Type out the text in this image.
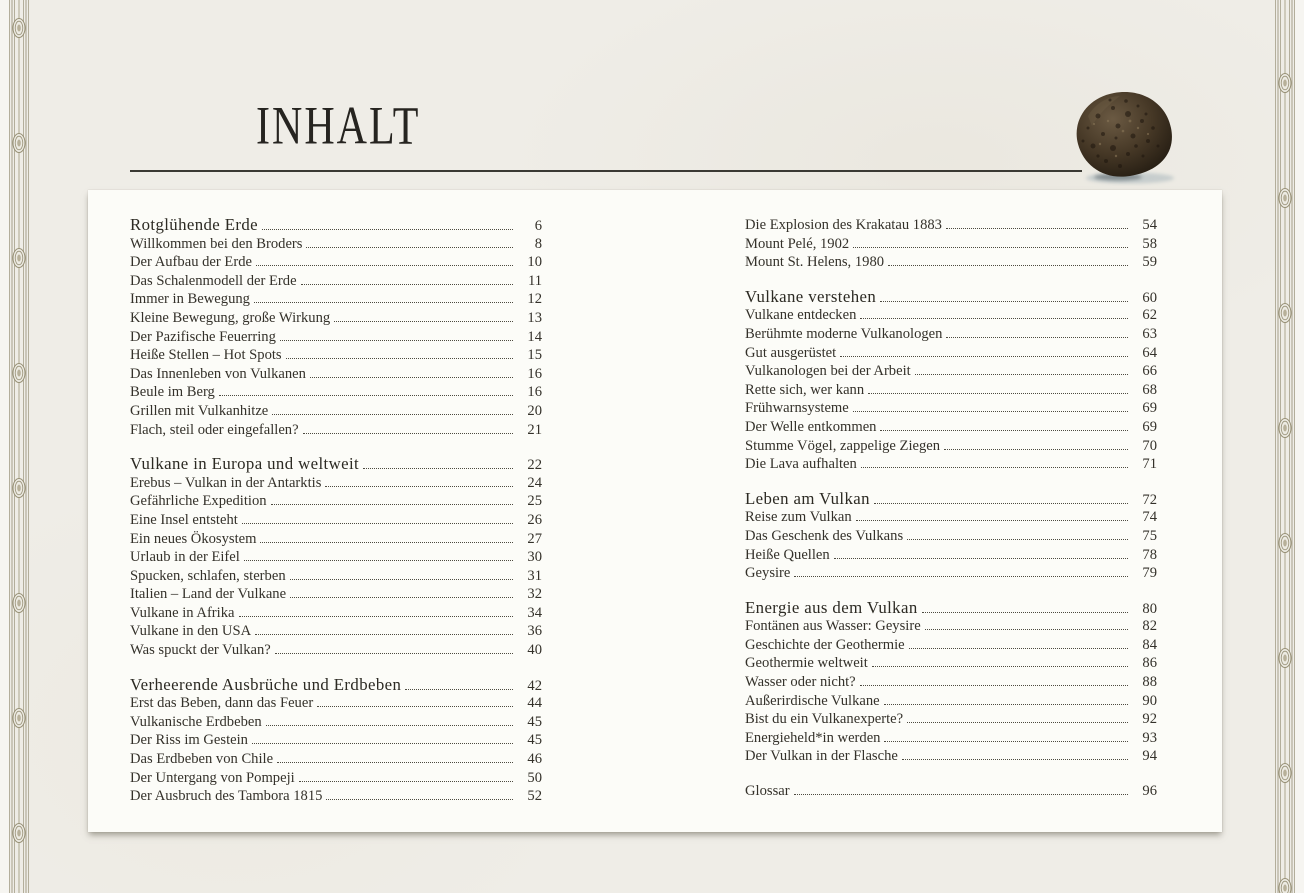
INHALT
Rotglühende Erde	6
Willkommen bei den Broders	8
Der Aufbau der Erde	10
Das Schalenmodell der Erde	11
Immer in Bewegung	12
Kleine Bewegung, große Wirkung	13
Der Pazifische Feuerring	14
Heiße Stellen – Hot Spots	15
Das Innenleben von Vulkanen	16
Beule im Berg	16
Grillen mit Vulkanhitze	20
Flach, steil oder eingefallen?	21
Vulkane in Europa und weltweit	22
Erebus – Vulkan in der Antarktis	24
Gefährliche Expedition	25
Eine Insel entsteht	26
Ein neues Ökosystem	27
Urlaub in der Eifel	30
Spucken, schlafen, sterben	31
Italien – Land der Vulkane	32
Vulkane in Afrika	34
Vulkane in den USA	36
Was spuckt der Vulkan?	40
Verheerende Ausbrüche und Erdbeben	42
Erst das Beben, dann das Feuer	44
Vulkanische Erdbeben	45
Der Riss im Gestein	45
Das Erdbeben von Chile	46
Der Untergang von Pompeji	50
Der Ausbruch des Tambora 1815	52
Die Explosion des Krakatau 1883	54
Mount Pelé, 1902	58
Mount St. Helens, 1980	59
Vulkane verstehen	60
Vulkane entdecken	62
Berühmte moderne Vulkanologen	63
Gut ausgerüstet	64
Vulkanologen bei der Arbeit	66
Rette sich, wer kann	68
Frühwarnsysteme	69
Der Welle entkommen	69
Stumme Vögel, zappelige Ziegen	70
Die Lava aufhalten	71
Leben am Vulkan	72
Reise zum Vulkan	74
Das Geschenk des Vulkans	75
Heiße Quellen	78
Geysire	79
Energie aus dem Vulkan	80
Fontänen aus Wasser: Geysire	82
Geschichte der Geothermie	84
Geothermie weltweit	86
Wasser oder nicht?	88
Außerirdische Vulkane	90
Bist du ein Vulkanexperte?	92
Energieheld*in werden	93
Der Vulkan in der Flasche	94
Glossar	96
